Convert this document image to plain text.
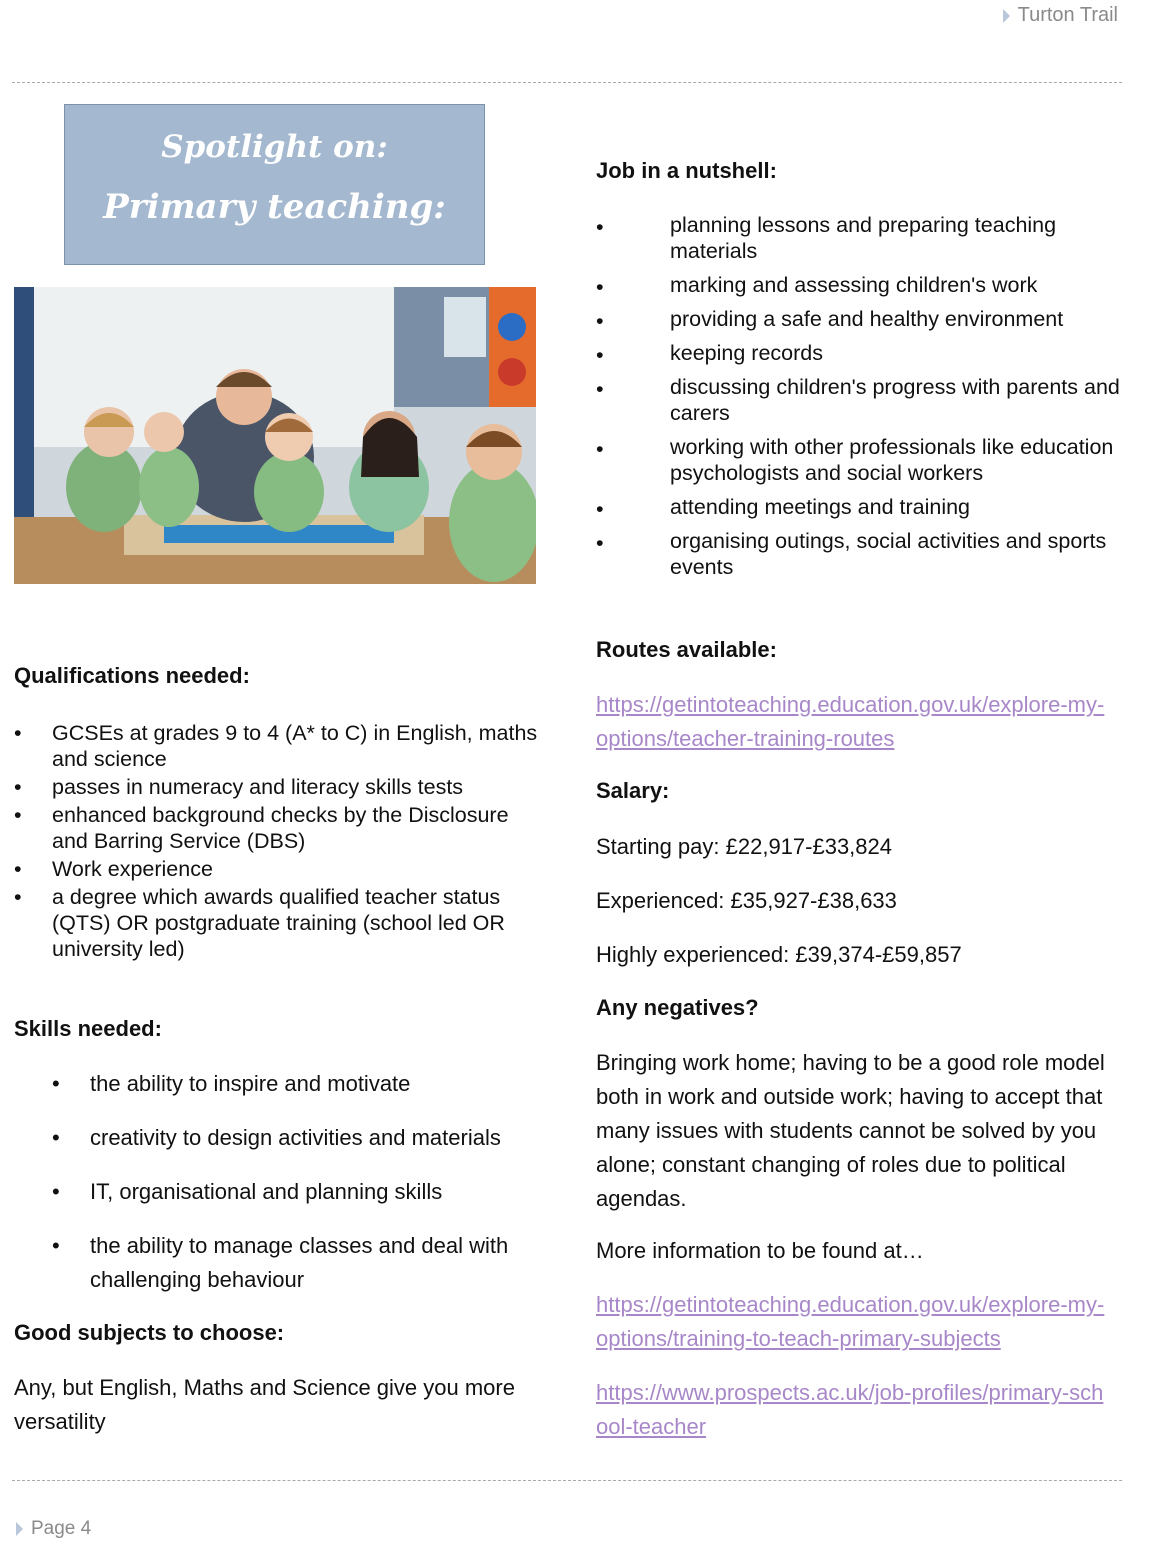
Turton Trail
Spotlight on:
Primary teaching:
Qualifications needed:
• GCSEs at grades 9 to 4 (A* to C) in English, maths and science
• passes in numeracy and literacy skills tests
• enhanced background checks by the Disclosure and Barring Service (DBS)
• Work experience
• a degree which awards qualified teacher status (QTS) OR postgraduate training (school led OR university led)
Skills needed:
• the ability to inspire and motivate
• creativity to design activities and materials
• IT, organisational and planning skills
• the ability to manage classes and deal with challenging behaviour
Good subjects to choose:
Any, but English, Maths and Science give you more versatility
Job in a nutshell:
• planning lessons and preparing teaching materials
• marking and assessing children's work
• providing a safe and healthy environment
• keeping records
• discussing children's progress with parents and carers
• working with other professionals like education psychologists and social workers
• attending meetings and training
• organising outings, social activities and sports events
Routes available:
https://getintoteaching.education.gov.uk/explore-my-options/teacher-training-routes
Salary:
Starting pay: £22,917-£33,824
Experienced: £35,927-£38,633
Highly experienced: £39,374-£59,857
Any negatives?
Bringing work home; having to be a good role model both in work and outside work; having to accept that many issues with students cannot be solved by you alone; constant changing of roles due to political agendas.
More information to be found at…
https://getintoteaching.education.gov.uk/explore-my-options/training-to-teach-primary-subjects
https://www.prospects.ac.uk/job-profiles/primary-school-teacher
Page 4
